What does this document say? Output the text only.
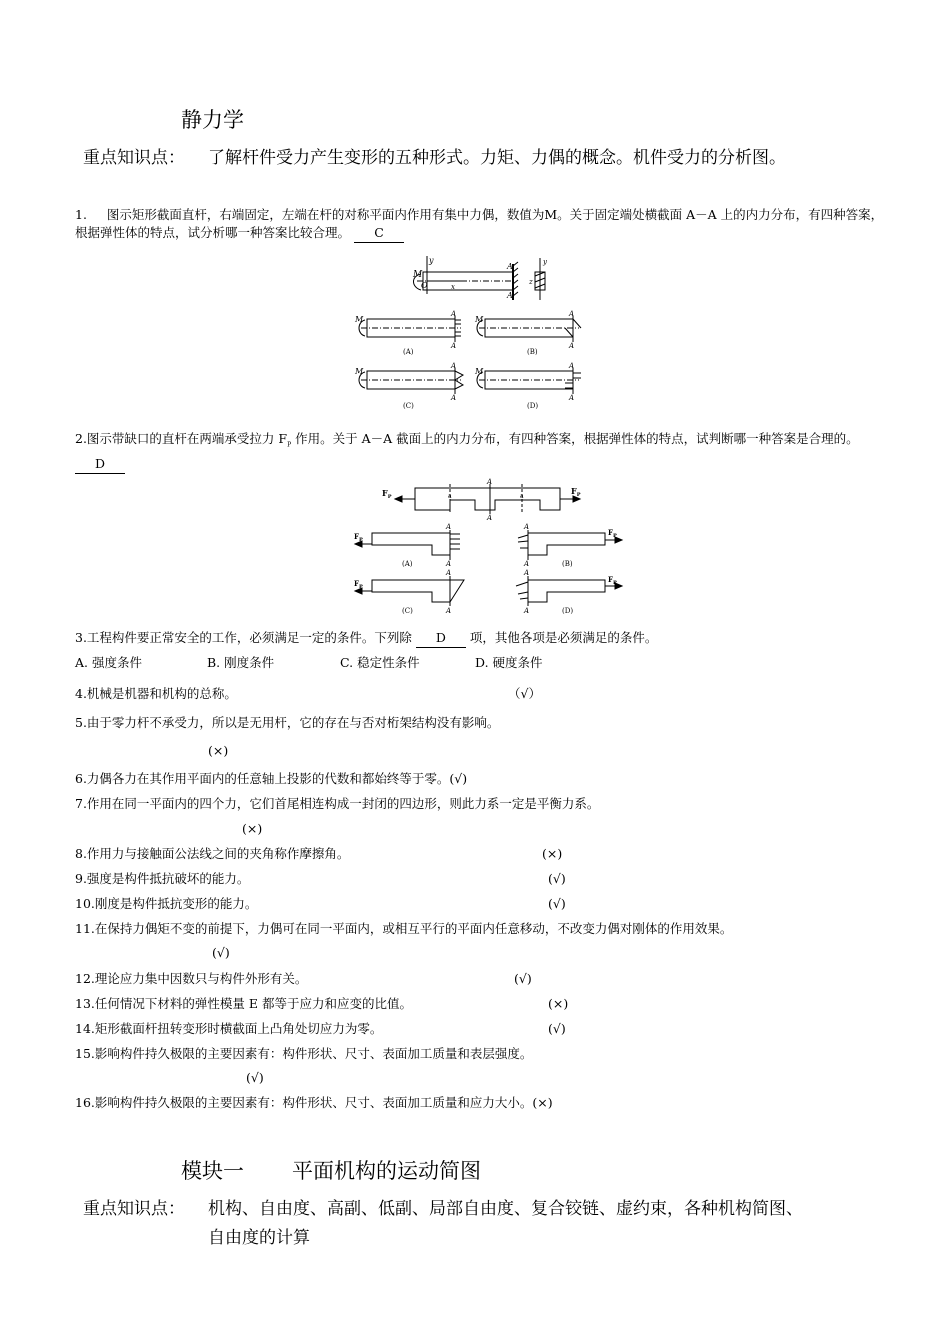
静力学
重点知识点： 了解杆件受力产生变形的五种形式。力矩、力偶的概念。机件受力的分析图。
1. 图示矩形截面直杆，右端固定，左端在杆的对称平面内作用有集中力偶，数值为M。关于固定端处横截面 A－A 上的内力分布，有四种答案，根据弹性体的特点，试分析哪一种答案比较合理。 C
M
y
O	x
A
A
z
y
M
A
A
(A)
M
A
A
(B)
M
A
A
(C)
M
A
A
(D)
2.图示带缺口的直杆在两端承受拉力 $F_P$ 作用。关于 A－A 截面上的内力分布，有四种答案，根据弹性体的特点，试判断哪一种答案是合理的。 D
$F_P$
$F_P$
A
A
a	a
$F_P$
A
A
(A)
$F_P$
A
A	(B)
$F_P$
A
A
(C)
$F_P$
A
A	(D)
3.工程构件要正常安全的工作，必须满足一定的条件。下列除 D 项，其他各项是必须满足的条件。
A. 强度条件	B. 刚度条件	C. 稳定性条件	D. 硬度条件
4.机械是机器和机构的总称。	（√）
5.由于零力杆不承受力，所以是无用杆，它的存在与否对桁架结构没有影响。
(×)
6.力偶各力在其作用平面内的任意轴上投影的代数和都始终等于零。(√)
7.作用在同一平面内的四个力，它们首尾相连构成一封闭的四边形，则此力系一定是平衡力系。
(×)
8.作用力与接触面公法线之间的夹角称作摩擦角。	(×)
9.强度是构件抵抗破坏的能力。	(√)
10.刚度是构件抵抗变形的能力。	(√)
11.在保持力偶矩不变的前提下，力偶可在同一平面内，或相互平行的平面内任意移动，不改变力偶对刚体的作用效果。
(√)
12.理论应力集中因数只与构件外形有关。	(√)
13.任何情况下材料的弹性模量 E 都等于应力和应变的比值。	(×)
14.矩形截面杆扭转变形时横截面上凸角处切应力为零。	(√)
15.影响构件持久极限的主要因素有：构件形状、尺寸、表面加工质量和表层强度。
(√)
16.影响构件持久极限的主要因素有：构件形状、尺寸、表面加工质量和应力大小。(×)
模块一 平面机构的运动简图
重点知识点： 机构、自由度、高副、低副、局部自由度、复合铰链、虚约束，各种机构简图、
自由度的计算
